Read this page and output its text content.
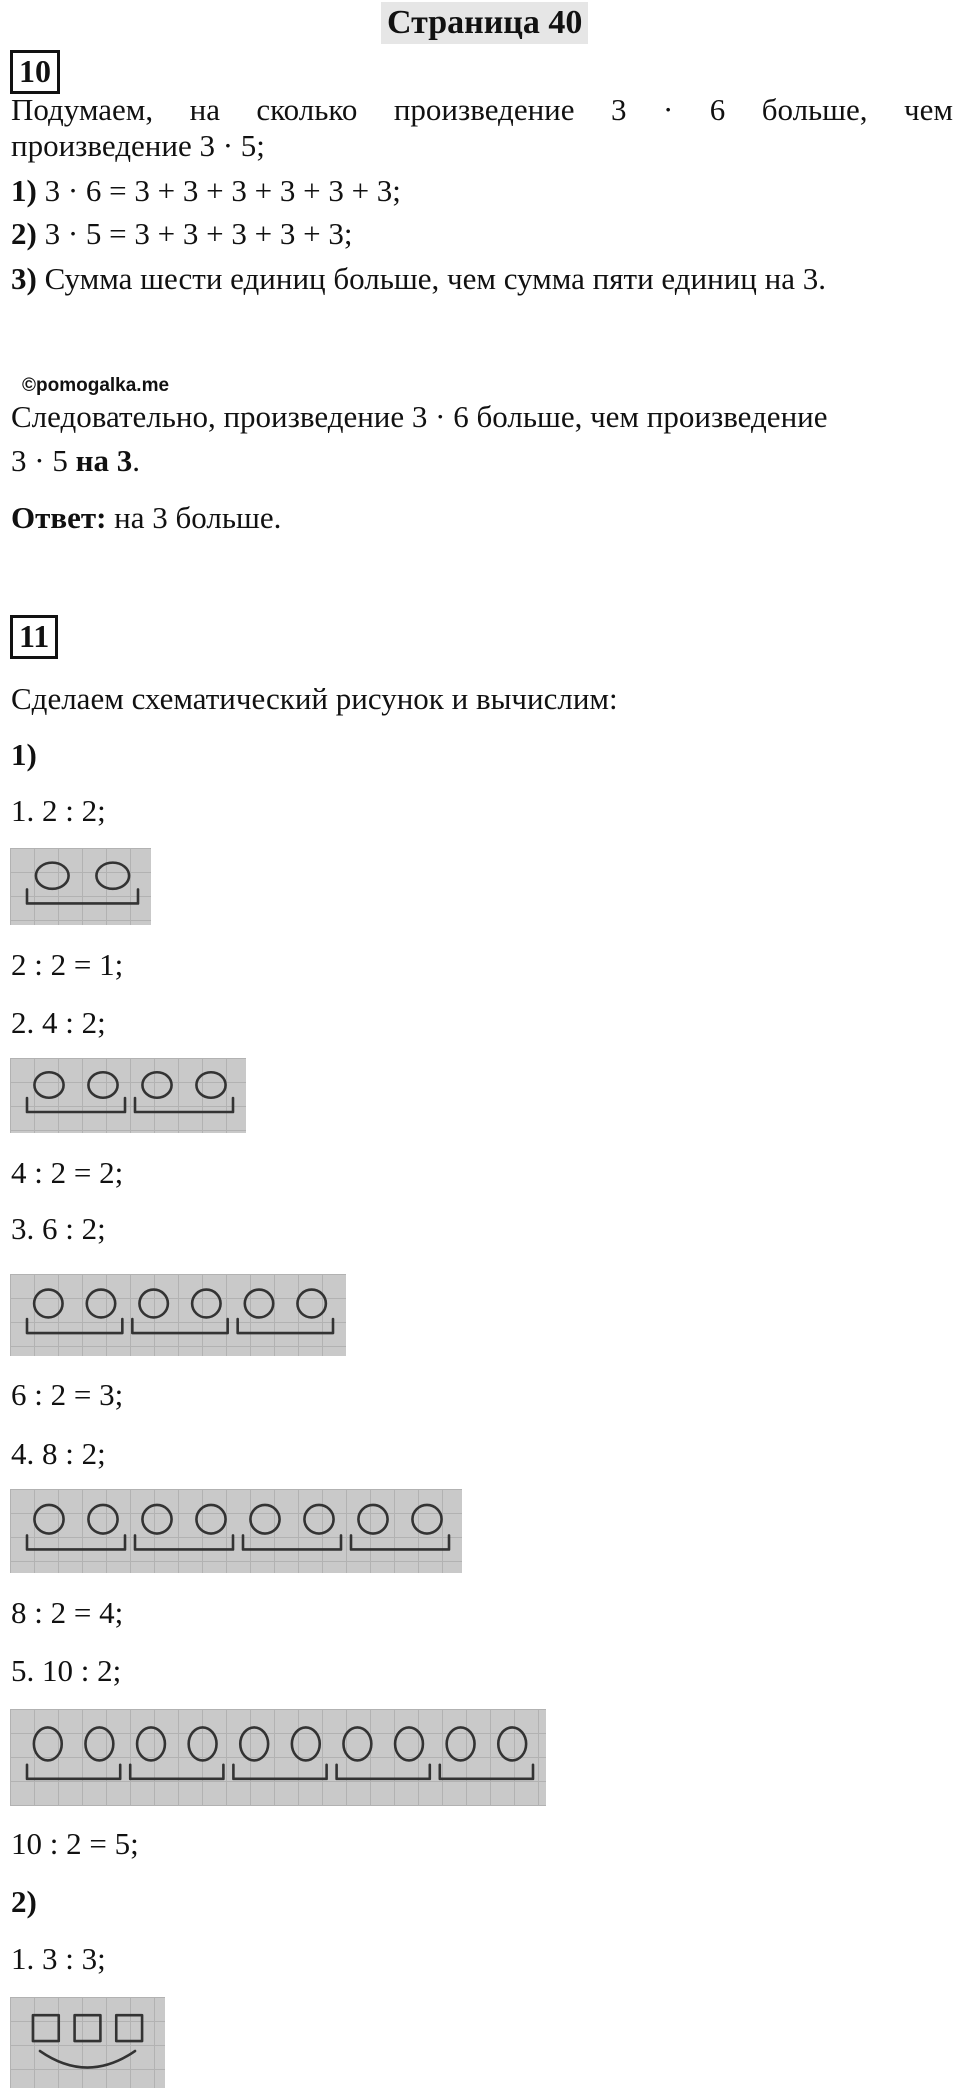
Страница 40
10
Подумаем, на сколько произведение 3 · 6 больше, чем
произведение 3 · 5;
1) 3 · 6 = 3 + 3 + 3 + 3 + 3 + 3;
2) 3 · 5 = 3 + 3 + 3 + 3 + 3;
3) Сумма шести единиц больше, чем сумма пяти единиц на 3.
©pomogalka.me
Следовательно, произведение 3 · 6 больше, чем произведение
3 · 5 на 3.
Ответ: на 3 больше.
11
Сделаем схематический рисунок и вычислим:
1)
1. 2 : 2;
2 : 2 = 1;
2. 4 : 2;
4 : 2 = 2;
3. 6 : 2;
6 : 2 = 3;
4. 8 : 2;
8 : 2 = 4;
5. 10 : 2;
10 : 2 = 5;
2)
1. 3 : 3;
